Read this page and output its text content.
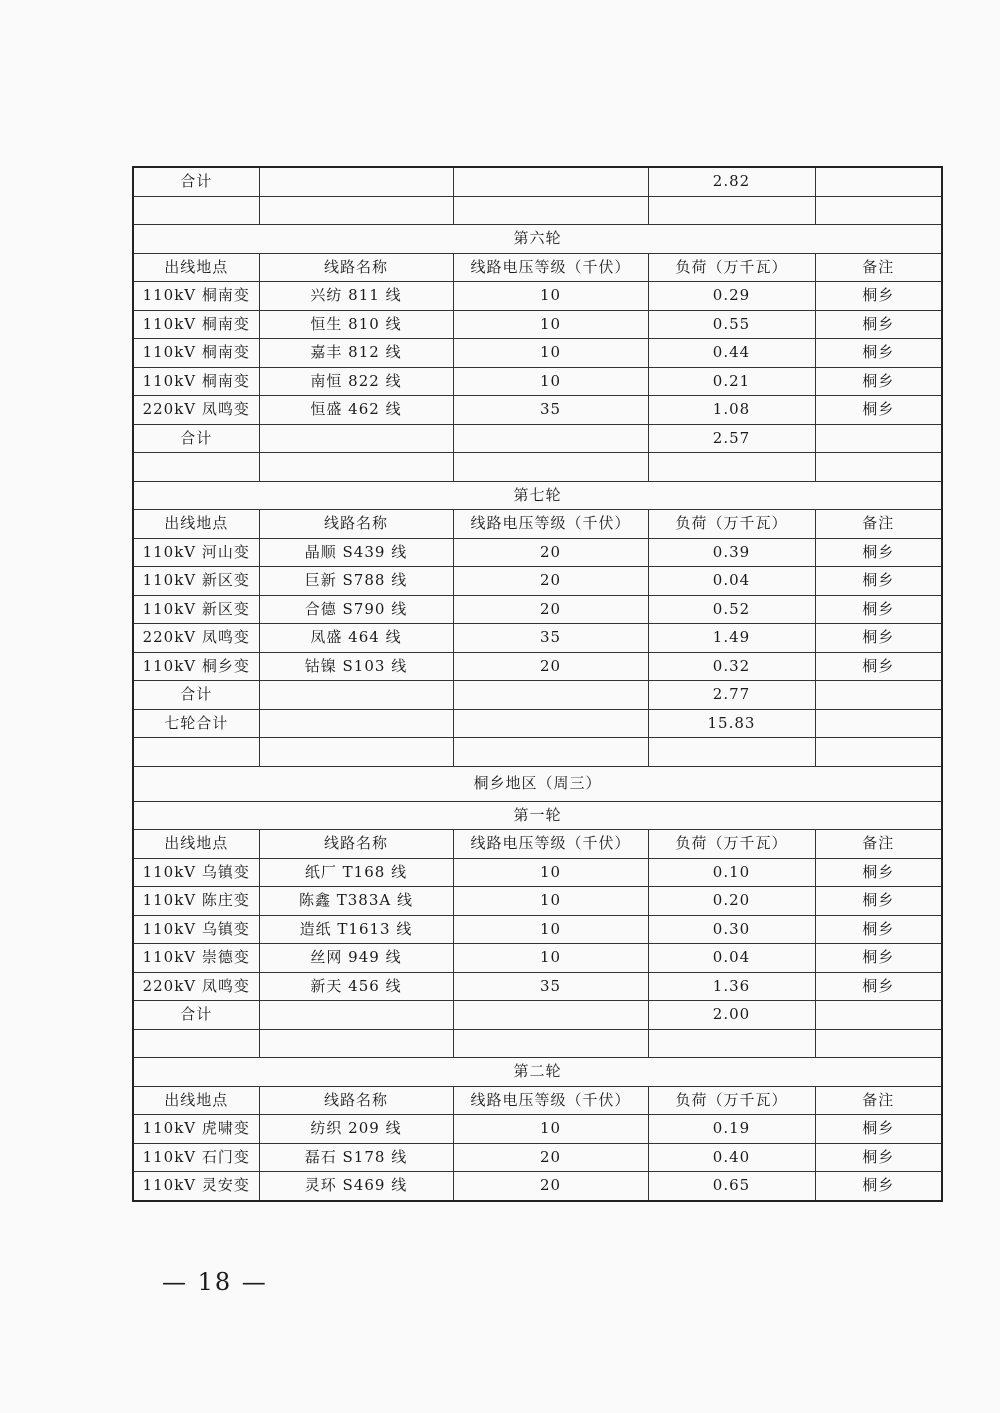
合计			2.82	

第六轮				
出线地点	线路名称	线路电压等级（千伏）	负荷（万千瓦）	备注
110kV 桐南变	兴纺 811 线	10	0.29	桐乡
110kV 桐南变	恒生 810 线	10	0.55	桐乡
110kV 桐南变	嘉丰 812 线	10	0.44	桐乡
110kV 桐南变	南恒 822 线	10	0.21	桐乡
220kV 凤鸣变	恒盛 462 线	35	1.08	桐乡
合计			2.57	

第七轮				
出线地点	线路名称	线路电压等级（千伏）	负荷（万千瓦）	备注
110kV 河山变	晶顺 S439 线	20	0.39	桐乡
110kV 新区变	巨新 S788 线	20	0.04	桐乡
110kV 新区变	合德 S790 线	20	0.52	桐乡
220kV 凤鸣变	凤盛 464 线	35	1.49	桐乡
110kV 桐乡变	钴镍 S103 线	20	0.32	桐乡
合计			2.77	
七轮合计			15.83	

桐乡地区（周三）				
第一轮				
出线地点	线路名称	线路电压等级（千伏）	负荷（万千瓦）	备注
110kV 乌镇变	纸厂 T168 线	10	0.10	桐乡
110kV 陈庄变	陈鑫 T383A 线	10	0.20	桐乡
110kV 乌镇变	造纸 T1613 线	10	0.30	桐乡
110kV 崇德变	丝网 949 线	10	0.04	桐乡
220kV 凤鸣变	新天 456 线	35	1.36	桐乡
合计			2.00	

第二轮				
出线地点	线路名称	线路电压等级（千伏）	负荷（万千瓦）	备注
110kV 虎啸变	纺织 209 线	10	0.19	桐乡
110kV 石门变	磊石 S178 线	20	0.40	桐乡
110kV 灵安变	灵环 S469 线	20	0.65	桐乡
— 18 —
